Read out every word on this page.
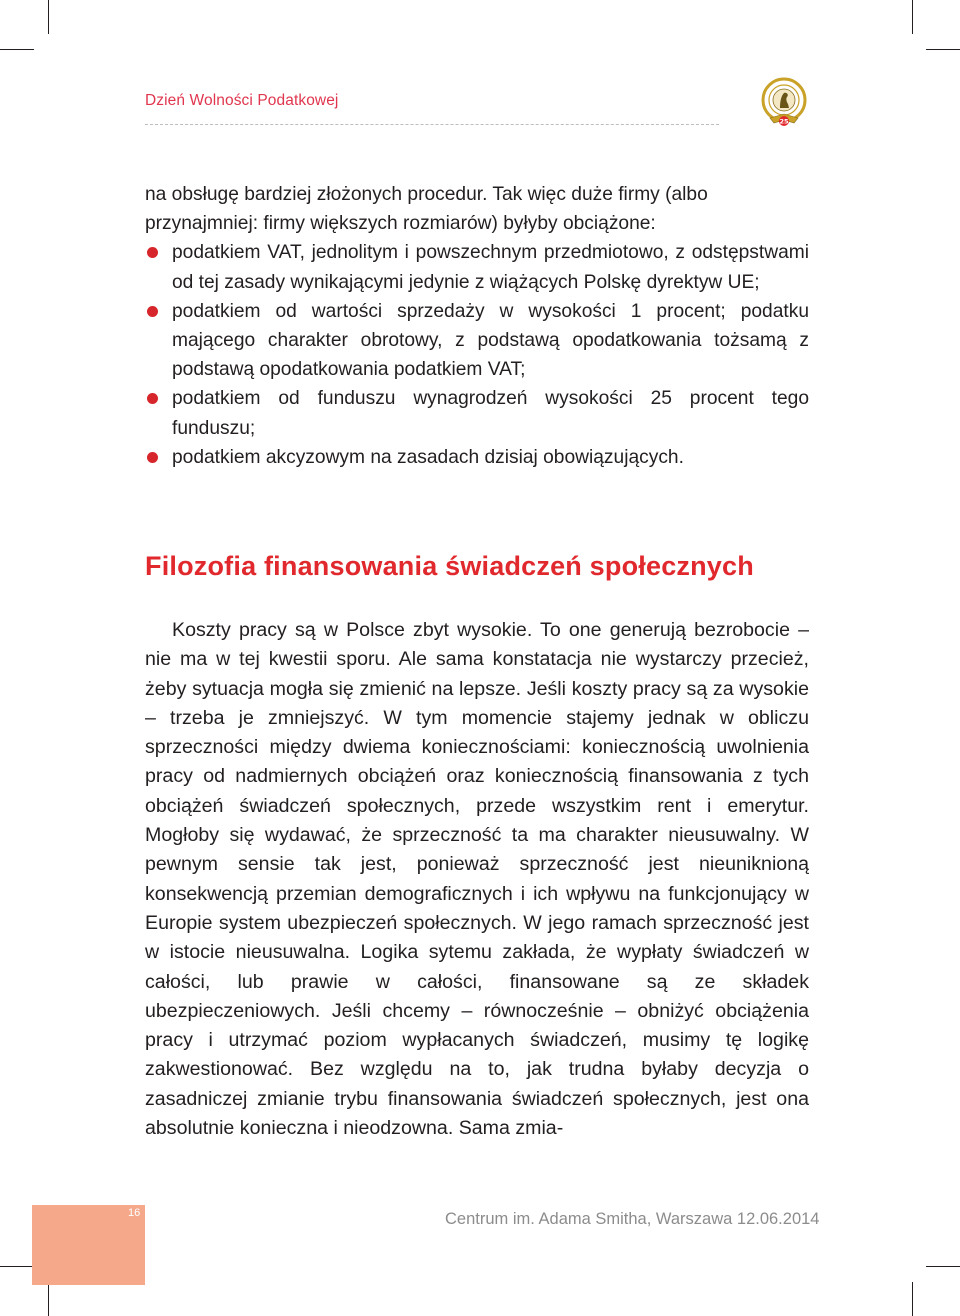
Dzień Wolności Podatkowej
25
na obsługę bardziej złożonych procedur. Tak więc duże firmy (albo przynajmniej: firmy większych rozmiarów) byłyby obciążone:
podatkiem VAT, jednolitym i powszechnym przedmiotowo, z odstępstwami od tej zasady wynikającymi jedynie z wiążących Polskę dyrektyw UE;
podatkiem od wartości sprzedaży w wysokości 1 procent; podatku mającego charakter obrotowy, z podstawą opodatkowania tożsamą z podstawą opodatkowania podatkiem VAT;
podatkiem od funduszu wynagrodzeń wysokości 25 procent tego funduszu;
podatkiem akcyzowym na zasadach dzisiaj obowiązujących.
Filozofia finansowania świadczeń społecznych

Koszty pracy są w Polsce zbyt wysokie. To one generują bezrobocie – nie ma w tej kwestii sporu. Ale sama konstatacja nie wystarczy przecież, żeby sytuacja mogła się zmienić na lepsze. Jeśli koszty pracy są za wysokie – trzeba je zmniejszyć. W tym momencie stajemy jednak w obliczu sprzeczności między dwiema koniecznościami: koniecznością uwolnienia pracy od nadmiernych obciążeń oraz koniecznością finansowania z tych obciążeń świadczeń społecznych, przede wszystkim rent i emerytur. Mogłoby się wydawać, że sprzeczność ta ma charakter nieusuwalny. W pewnym sensie tak jest, ponieważ sprzeczność jest nieuniknioną konsekwencją przemian demograficznych i ich wpływu na funkcjonujący w Europie system ubezpieczeń społecznych. W jego ramach sprzeczność jest w istocie nieusuwalna. Logika sytemu zakłada, że wypłaty świadczeń w całości, lub prawie w całości, finansowane są ze składek ubezpieczeniowych. Jeśli chcemy – równocześnie – obniżyć obciążenia pracy i utrzymać poziom wypłacanych świadczeń, musimy tę logikę zakwestionować. Bez względu na to, jak trudna byłaby decyzja o zasadniczej zmianie trybu finansowania świadczeń społecznych, jest ona absolutnie konieczna i nieodzowna. Sama zmia-

16	Centrum im. Adama Smitha, Warszawa 12.06.2014
